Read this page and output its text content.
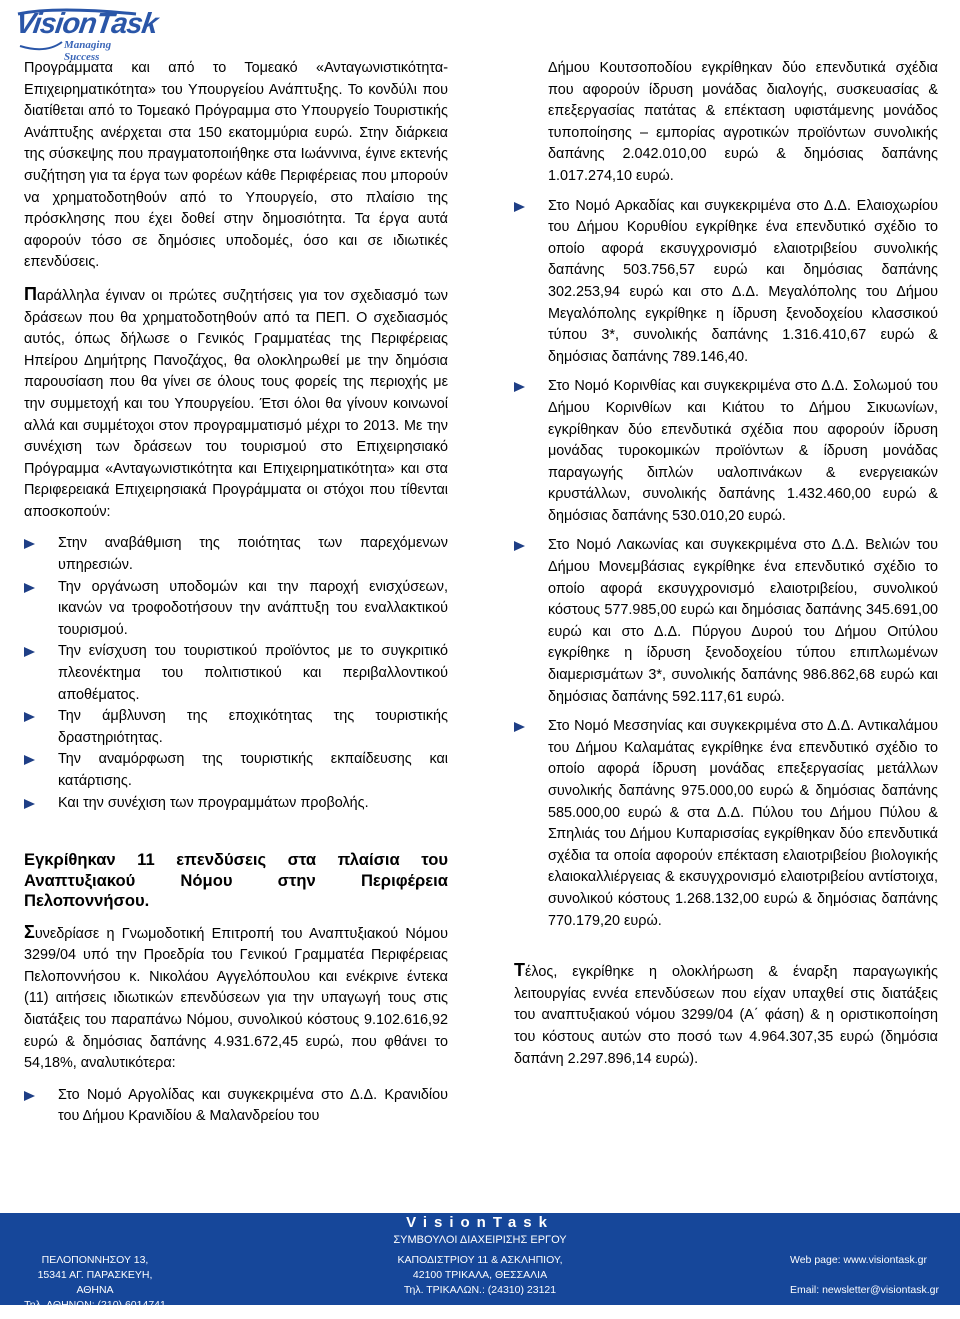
VisionTask
Managing Success

Προγράμματα και από το Τομεακό «Ανταγωνιστικότητα-Επιχειρηματικότητα» του Υπουργείου Ανάπτυξης. Το κονδύλι που διατίθεται από το Τομεακό Πρόγραμμα στο Υπουργείο Τουριστικής Ανάπτυξης ανέρχεται στα 150 εκατομμύρια ευρώ. Στην διάρκεια της σύσκεψης που πραγματοποιήθηκε στα Ιωάννινα, έγινε εκτενής συζήτηση για τα έργα των φορέων κάθε Περιφέρειας που μπορούν να χρηματοδοτηθούν από το Υπουργείο, στο πλαίσιο της πρόσκλησης που έχει δοθεί στην δημοσιότητα. Τα έργα αυτά αφορούν τόσο σε δημόσιες υποδομές, όσο και σε ιδιωτικές επενδύσεις.

Παράλληλα έγιναν οι πρώτες συζητήσεις για τον σχεδιασμό των δράσεων που θα χρηματοδοτηθούν από τα ΠΕΠ. Ο σχεδιασμός αυτός, όπως δήλωσε ο Γενικός Γραμματέας της Περιφέρειας Ηπείρου Δημήτρης Πανοζάχος, θα ολοκληρωθεί με την δημόσια παρουσίαση που θα γίνει σε όλους τους φορείς της περιοχής με την συμμετοχή και του Υπουργείου. Έτσι όλοι θα γίνουν κοινωνοί αλλά και συμμέτοχοι στον προγραμματισμό μέχρι το 2013. Με την συνέχιση των δράσεων του τουρισμού στο Επιχειρησιακό Πρόγραμμα «Ανταγωνιστικότητα και Επιχειρηματικότητα» και στα Περιφερειακά Επιχειρησιακά Προγράμματα οι στόχοι που τίθενται αποσκοπούν:

Στην αναβάθμιση της ποιότητας των παρεχόμενων υπηρεσιών.
Την οργάνωση υποδομών και την παροχή ενισχύσεων, ικανών να τροφοδοτήσουν την ανάπτυξη του εναλλακτικού τουρισμού.
Την ενίσχυση του τουριστικού προϊόντος με το συγκριτικό πλεονέκτημα του πολιτιστικού και περιβαλλοντικού αποθέματος.
Την άμβλυνση της εποχικότητας της τουριστικής δραστηριότητας.
Την αναμόρφωση της τουριστικής εκπαίδευσης και κατάρτισης.
Και την συνέχιση των προγραμμάτων προβολής.
Εγκρίθηκαν 11 επενδύσεις στα πλαίσια του Αναπτυξιακού Νόμου στην Περιφέρεια Πελοποννήσου.

Συνεδρίασε η Γνωμοδοτική Επιτροπή του Αναπτυξιακού Νόμου 3299/04 υπό την Προεδρία του Γενικού Γραμματέα Περιφέρειας Πελοποννήσου κ. Νικολάου Αγγελόπουλου και ενέκρινε έντεκα (11) αιτήσεις ιδιωτικών επενδύσεων για την υπαγωγή τους στις διατάξεις του παραπάνω Νόμου, συνολικού κόστους 9.102.616,92 ευρώ & δημόσιας δαπάνης 4.931.672,45 ευρώ, που φθάνει το 54,18%, αναλυτικότερα:

Στο Νομό Αργολίδας και συγκεκριμένα στο Δ.Δ. Κρανιδίου του Δήμου Κρανιδίου & Μαλανδρείου του
Δήμου Κουτσοποδίου εγκρίθηκαν δύο επενδυτικά σχέδια που αφορούν ίδρυση μονάδας διαλογής, συσκευασίας & επεξεργασίας πατάτας & επέκταση υφιστάμενης μονάδος τυποποίησης – εμπορίας αγροτικών προϊόντων συνολικής δαπάνης 2.042.010,00 ευρώ & δημόσιας δαπάνης 1.017.274,10 ευρώ.
Στο Νομό Αρκαδίας και συγκεκριμένα στο Δ.Δ. Ελαιοχωρίου του Δήμου Κορυθίου εγκρίθηκε ένα επενδυτικό σχέδιο το οποίο αφορά εκσυγχρονισμό ελαιοτριβείου συνολικής δαπάνης 503.756,57 ευρώ και δημόσιας δαπάνης 302.253,94 ευρώ και στο Δ.Δ. Μεγαλόπολης του Δήμου Μεγαλόπολης εγκρίθηκε η ίδρυση ξενοδοχείου κλασσικού τύπου 3*, συνολικής δαπάνης 1.316.410,67 ευρώ & δημόσιας δαπάνης 789.146,40.
Στο Νομό Κορινθίας και συγκεκριμένα στο Δ.Δ. Σολωμού του Δήμου Κορινθίων και Κιάτου το Δήμου Σικυωνίων, εγκρίθηκαν δύο επενδυτικά σχέδια που αφορούν ίδρυση μονάδας τυροκομικών προϊόντων & ίδρυση μονάδας παραγωγής διπλών υαλοπινάκων & ενεργειακών κρυστάλλων, συνολικής δαπάνης 1.432.460,00 ευρώ & δημόσιας δαπάνης 530.010,20 ευρώ.
Στο Νομό Λακωνίας και συγκεκριμένα στο Δ.Δ. Βελιών του Δήμου Μονεμβάσιας εγκρίθηκε ένα επενδυτικό σχέδιο το οποίο αφορά εκσυγχρονισμό ελαιοτριβείου, συνολικού κόστους 577.985,00 ευρώ και δημόσιας δαπάνης 345.691,00 ευρώ και στο Δ.Δ. Πύργου Δυρού του Δήμου Οιτύλου εγκρίθηκε η ίδρυση ξενοδοχείου τύπου επιπλωμένων διαμερισμάτων 3*, συνολικής δαπάνης 986.862,68 ευρώ και δημόσιας δαπάνης 592.117,61 ευρώ.
Στο Νομό Μεσσηνίας και συγκεκριμένα στο Δ.Δ. Αντικαλάμου του Δήμου Καλαμάτας εγκρίθηκε ένα επενδυτικό σχέδιο το οποίο αφορά ίδρυση μονάδας επεξεργασίας μετάλλων συνολικής δαπάνης 975.000,00 ευρώ & δημόσιας δαπάνης 585.000,00 ευρώ & στα Δ.Δ. Πύλου του Δήμου Πύλου & Σπηλιάς του Δήμου Κυπαρισσίας εγκρίθηκαν δύο επενδυτικά σχέδια τα οποία αφορούν επέκταση ελαιοτριβείου βιολογικής ελαιοκαλλιέργειας & εκσυγχρονισμό ελαιοτριβείου αντίστοιχα, συνολικού κόστους 1.268.132,00 ευρώ & δημόσιας δαπάνης 770.179,20 ευρώ.

Τέλος, εγκρίθηκε η ολοκλήρωση & έναρξη παραγωγικής λειτουργίας εννέα επενδύσεων που είχαν υπαχθεί στις διατάξεις του αναπτυξιακού νόμου 3299/04 (Α΄ φάση) & η οριστικοποίηση του κόστους αυτών στο ποσό των 4.964.307,35 ευρώ (δημόσια δαπάνη 2.297.896,14 ευρώ).

VisionTask
ΣΥΜΒΟΥΛΟΙ ΔΙΑΧΕΙΡΙΣΗΣ ΕΡΓΟΥ
ΠΕΛΟΠΟΝΝΗΣΟΥ 13,
15341 ΑΓ. ΠΑΡΑΣΚΕΥΗ, ΑΘΗΝΑ
Τηλ. ΑΘΗΝΩΝ: (210) 6014741
ΚΑΠΟΔΙΣΤΡΙΟΥ 11 & ΑΣΚΛΗΠΙΟΥ,
42100 ΤΡΙΚΑΛΑ, ΘΕΣΣΑΛΙΑ
Τηλ. ΤΡΙΚΑΛΩΝ.: (24310) 23121
Web page: www.visiontask.gr
Email: newsletter@visiontask.gr
